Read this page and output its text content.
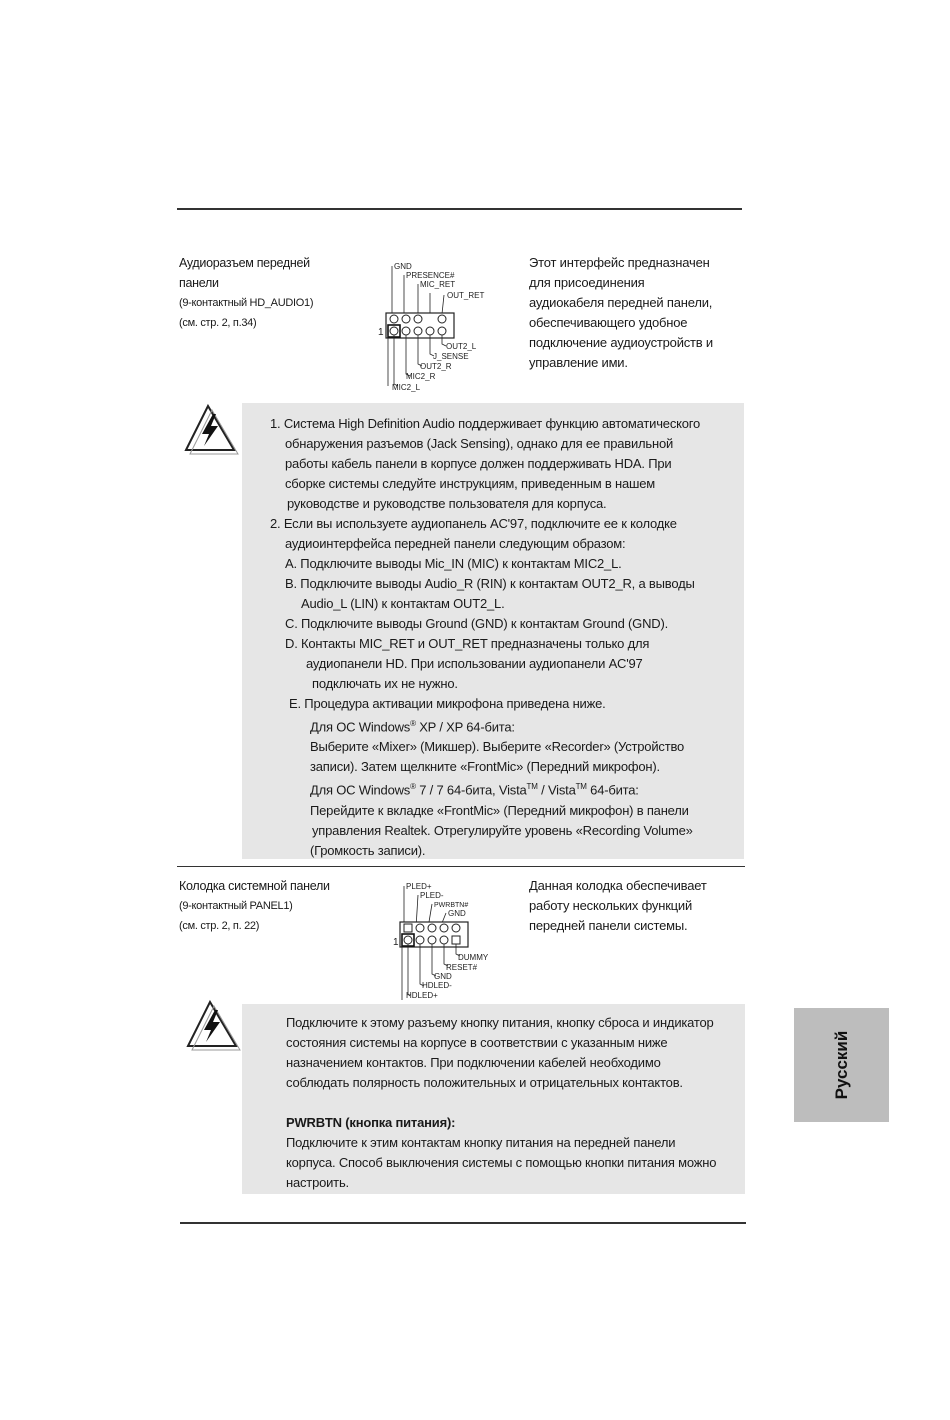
Аудиоразъем передней
панели
(9-контактный HD_AUDIO1)
(см. стр. 2, п.34)
GND
PRESENCE#
MIC_RET
OUT_RET
1
OUT2_L
J_SENSE
OUT2_R
MIC2_R
MIC2_L
Этот интерфейс предназначен
для присоединения
аудиокабеля передней панели,
обеспечивающего удобное
подключение аудиоустройств и
управление ими.
1. Система High Definition Audio поддерживает функцию автоматического
обнаружения разъемов (Jack Sensing), однако для ее правильной
работы кабель панели в корпусе должен поддерживать HDA. При
сборке системы следуйте инструкциям, приведенным в нашем
руководстве и руководстве пользователя для корпуса.
2. Если вы используете аудиопанель AC'97, подключите ее к колодке
аудиоинтерфейса передней панели следующим образом:
A. Подключите выводы Mic_IN (MIC) к контактам MIC2_L.
B. Подключите выводы Audio_R (RIN) к контактам OUT2_R, а выводы
Audio_L (LIN) к контактам OUT2_L.
C. Подключите выводы Ground (GND) к контактам Ground (GND).
D. Контакты MIC_RET и OUT_RET предназначены только для
аудиопанели HD. При использовании аудиопанели AC'97
подключать их не нужно.
E. Процедура активации микрофона приведена ниже.
Для ОС Windows® XP / XP 64-бита:
Выберите «Mixer» (Микшер). Выберите «Recorder» (Устройство
записи). Затем щелкните «FrontMic» (Передний микрофон).
Для ОС Windows® 7 / 7 64-бита, Vista™ / Vista™ 64-бита:
Перейдите к вкладке «FrontMic» (Передний микрофон) в панели
управления Realtek. Отрегулируйте уровень «Recording Volume»
(Громкость записи).
Колодка системной панели
(9-контактный PANEL1)
(см. стр. 2, п. 22)
PLED+
PLED-
PWRBTN#
GND
1
DUMMY
RESET#
GND
HDLED-
HDLED+
Данная колодка обеспечивает
работу нескольких функций
передней панели системы.
Подключите к этому разъему кнопку питания, кнопку сброса и индикатор
состояния системы на корпусе в соответствии с указанным ниже
назначением контактов. При подключении кабелей необходимо
соблюдать полярность положительных и отрицательных контактов.
PWRBTN (кнопка питания):
Подключите к этим контактам кнопку питания на передней панели
корпуса. Способ выключения системы с помощью кнопки питания можно
настроить.
Русский
